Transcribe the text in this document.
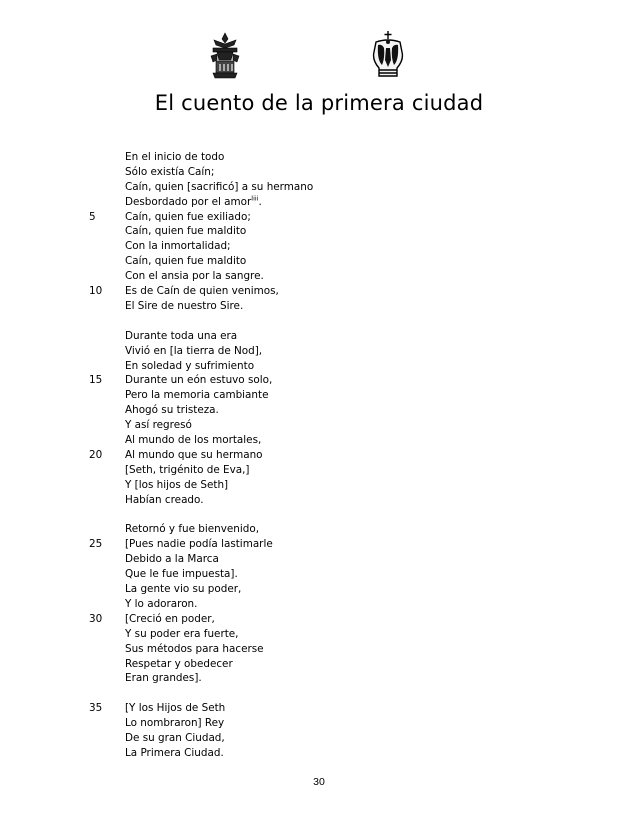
El cuento de la primera ciudad
En el inicio de todo
Sólo existía Caín;
Caín, quien [sacrificó] a su hermano
Desbordado por el amor$^{liii}$.
5	Caín, quien fue exiliado;
Caín, quien fue maldito
Con la inmortalidad;
Caín, quien fue maldito
Con el ansia por la sangre.
10	Es de Caín de quien venimos,
El Sire de nuestro Sire.
Durante toda una era
Vivió en [la tierra de Nod],
En soledad y sufrimiento
15	Durante un eón estuvo solo,
Pero la memoria cambiante
Ahogó su tristeza.
Y así regresó
Al mundo de los mortales,
20	Al mundo que su hermano
[Seth, trigénito de Eva,]
Y [los hijos de Seth]
Habían creado.
Retornó y fue bienvenido,
25	[Pues nadie podía lastimarle
Debido a la Marca
Que le fue impuesta].
La gente vio su poder,
Y lo adoraron.
30	[Creció en poder,
Y su poder era fuerte,
Sus métodos para hacerse
Respetar y obedecer
Eran grandes].
35	[Y los Hijos de Seth
Lo nombraron] Rey
De su gran Ciudad,
La Primera Ciudad.
30
